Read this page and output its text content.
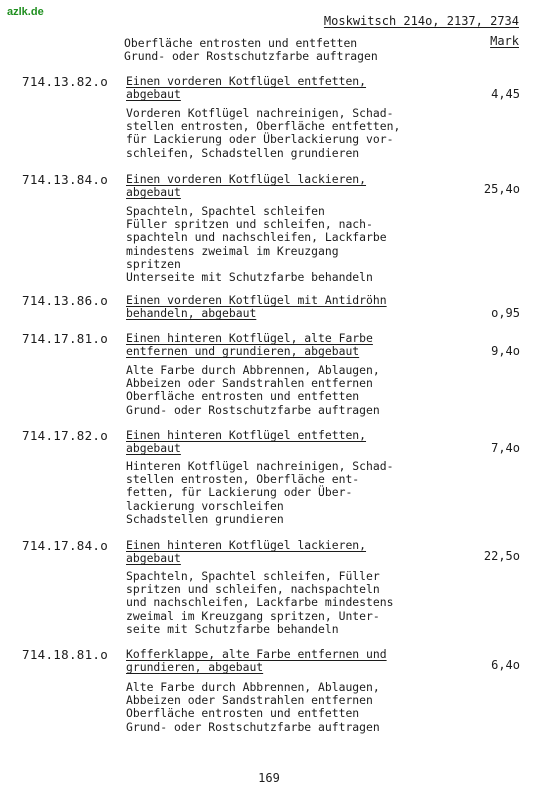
azlk.de
Moskwitsch 214o, 2137, 2734
Mark
Oberfläche entrosten und entfetten
Grund- oder Rostschutzfarbe auftragen
714.13.82.o Einen vorderen Kotflügel entfetten,
abgebaut	4,45
Vorderen Kotflügel nachreinigen, Schad-
stellen entrosten, Oberfläche entfetten,
für Lackierung oder Überlackierung vor-
schleifen, Schadstellen grundieren
714.13.84.o Einen vorderen Kotflügel lackieren,
abgebaut	25,4o
Spachteln, Spachtel schleifen
Füller spritzen und schleifen, nach-
spachteln und nachschleifen, Lackfarbe
mindestens zweimal im Kreuzgang
spritzen
Unterseite mit Schutzfarbe behandeln
714.13.86.o Einen vorderen Kotflügel mit Antidröhn
behandeln, abgebaut	o,95
714.17.81.o Einen hinteren Kotflügel, alte Farbe
entfernen und grundieren, abgebaut	9,4o
Alte Farbe durch Abbrennen, Ablaugen,
Abbeizen oder Sandstrahlen entfernen
Oberfläche entrosten und entfetten
Grund- oder Rostschutzfarbe auftragen
714.17.82.o Einen hinteren Kotflügel entfetten,
abgebaut	7,4o
Hinteren Kotflügel nachreinigen, Schad-
stellen entrosten, Oberfläche ent-
fetten, für Lackierung oder Über-
lackierung vorschleifen
Schadstellen grundieren
714.17.84.o Einen hinteren Kotflügel lackieren,
abgebaut	22,5o
Spachteln, Spachtel schleifen, Füller
spritzen und schleifen, nachspachteln
und nachschleifen, Lackfarbe mindestens
zweimal im Kreuzgang spritzen, Unter-
seite mit Schutzfarbe behandeln
714.18.81.o Kofferklappe, alte Farbe entfernen und
grundieren, abgebaut	6,4o
Alte Farbe durch Abbrennen, Ablaugen,
Abbeizen oder Sandstrahlen entfernen
Oberfläche entrosten und entfetten
Grund- oder Rostschutzfarbe auftragen
169
